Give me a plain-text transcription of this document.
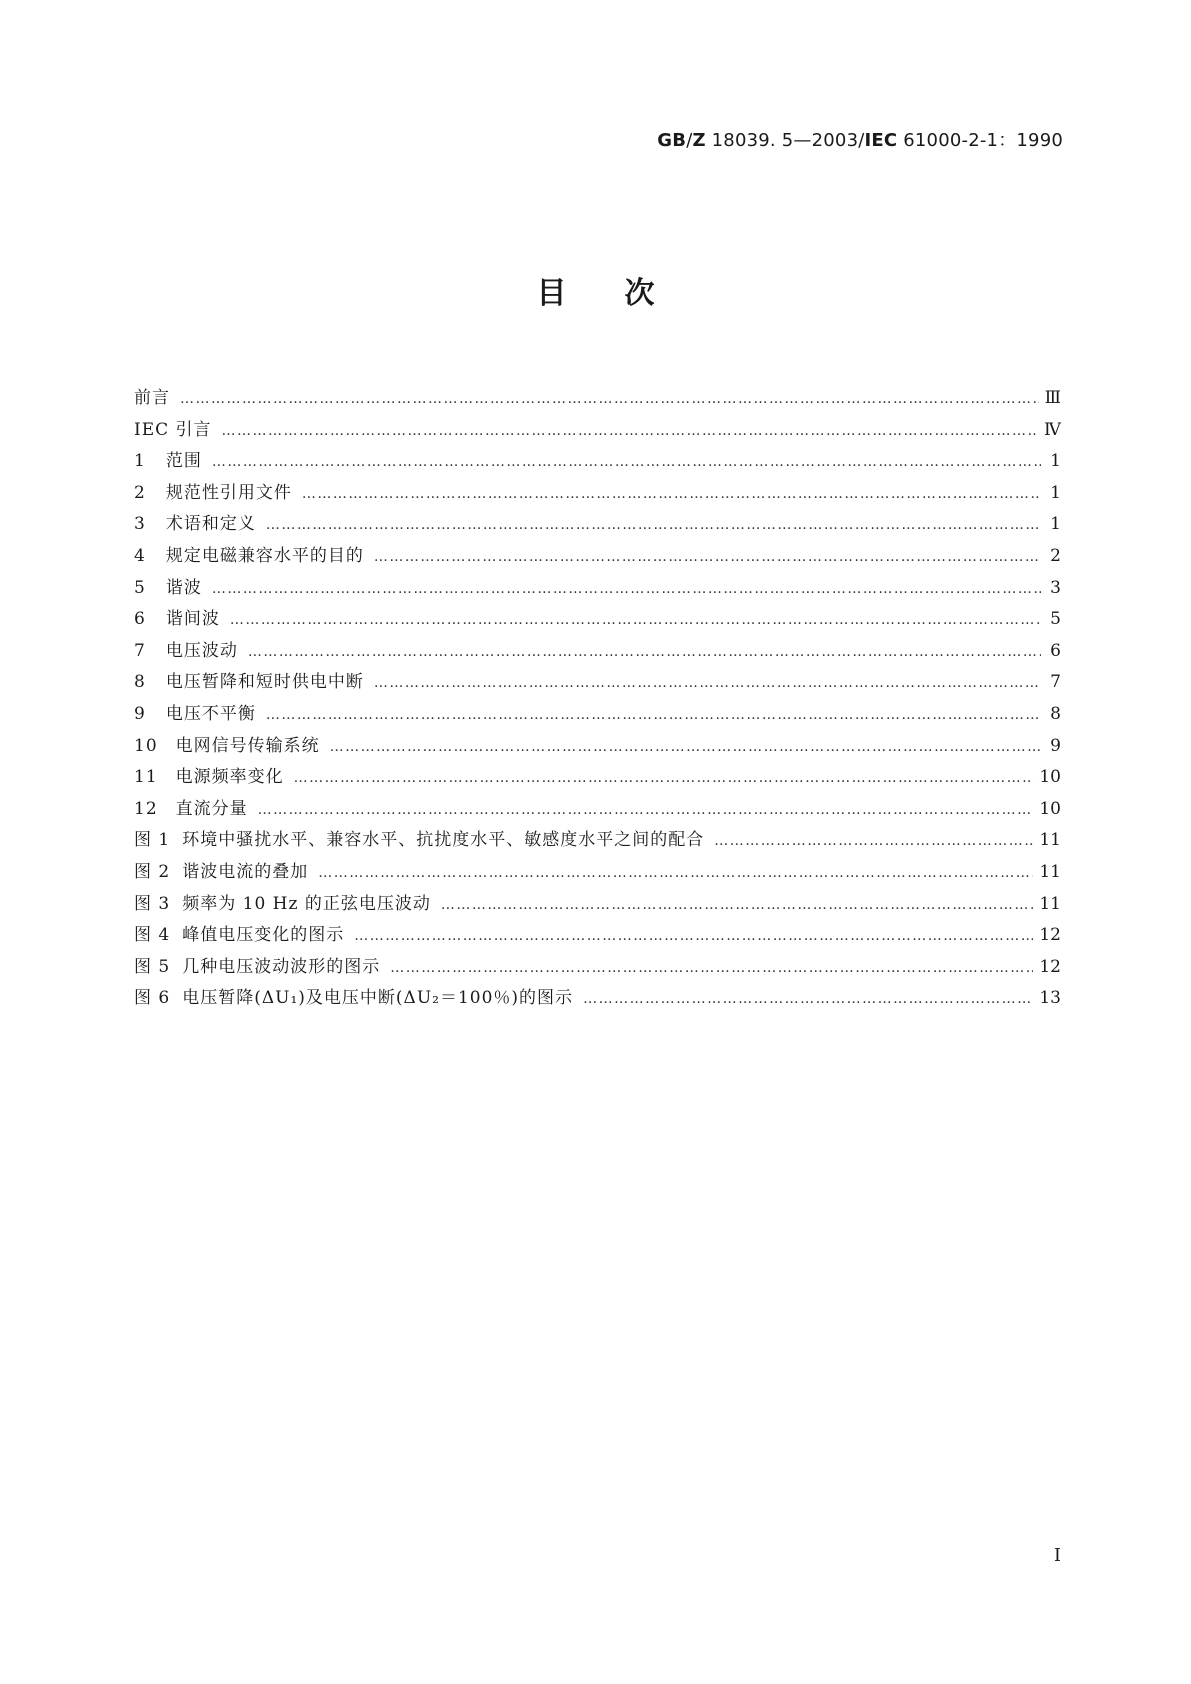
GB/Z 18039. 5—2003/IEC 61000-2-1：1990
目次
前言 ……………………………………………………………………………………………………………………………………………………………………………………………………………………	Ⅲ
IEC 引言 ……………………………………………………………………………………………………………………………………………………………………………………………………………………	Ⅳ
1 范围 ……………………………………………………………………………………………………………………………………………………………………………………………………………………	1
2 规范性引用文件 ……………………………………………………………………………………………………………………………………………………………………………………………………………………	1
3 术语和定义 ……………………………………………………………………………………………………………………………………………………………………………………………………………………	1
4 规定电磁兼容水平的目的 ……………………………………………………………………………………………………………………………………………………………………………………………………………………	2
5 谐波 ……………………………………………………………………………………………………………………………………………………………………………………………………………………	3
6 谐间波 ……………………………………………………………………………………………………………………………………………………………………………………………………………………	5
7 电压波动 ……………………………………………………………………………………………………………………………………………………………………………………………………………………	6
8 电压暂降和短时供电中断 ……………………………………………………………………………………………………………………………………………………………………………………………………………………	7
9 电压不平衡 ……………………………………………………………………………………………………………………………………………………………………………………………………………………	8
10 电网信号传输系统 ……………………………………………………………………………………………………………………………………………………………………………………………………………………	9
11 电源频率变化 ……………………………………………………………………………………………………………………………………………………………………………………………………………………	10
12 直流分量 ……………………………………………………………………………………………………………………………………………………………………………………………………………………	10
图 1 环境中骚扰水平、兼容水平、抗扰度水平、敏感度水平之间的配合 ……………………………………………………………………………………………………………………………………………………………………………………………………………………	11
图 2 谐波电流的叠加 ……………………………………………………………………………………………………………………………………………………………………………………………………………………	11
图 3 频率为 10 Hz 的正弦电压波动 ……………………………………………………………………………………………………………………………………………………………………………………………………………………	11
图 4 峰值电压变化的图示 ……………………………………………………………………………………………………………………………………………………………………………………………………………………	12
图 5 几种电压波动波形的图示 ……………………………………………………………………………………………………………………………………………………………………………………………………………………	12
图 6 电压暂降(ΔU₁)及电压中断(ΔU₂＝100％)的图示 ……………………………………………………………………………………………………………………………………………………………………………………………………………………	13
I
